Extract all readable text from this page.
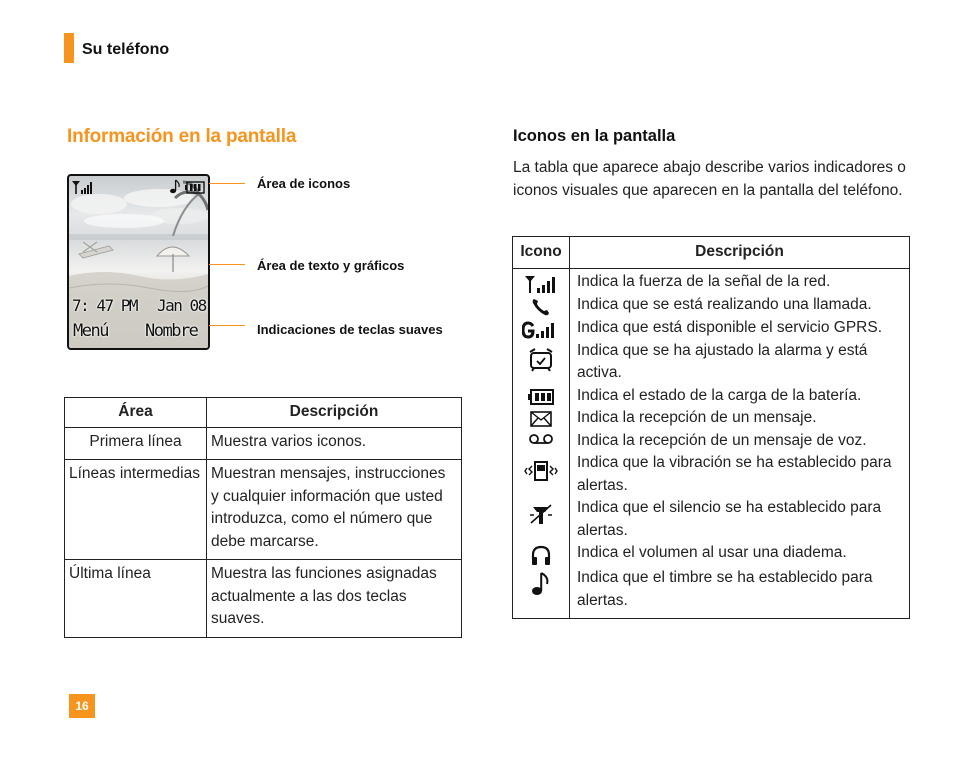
Su teléfono
Información en la pantalla
7: 47 PM Jan 08
Menú Nombre
Área de iconos
Área de texto y gráficos
Indicaciones de teclas suaves
Área	Descripción
Primera línea	Muestra varios iconos.
Líneas intermedias	Muestran mensajes, instrucciones y cualquier información que usted introduzca, como el número que debe marcarse.
Última línea	Muestra las funciones asignadas actualmente a las dos teclas suaves.
Iconos en la pantalla
La tabla que aparece abajo describe varios indicadores o iconos visuales que aparecen en la pantalla del teléfono.
Icono	Descripción

	Indica la fuerza de la señal de la red.

	Indica que se está realizando una llamada.

	Indica que está disponible el servicio GPRS.

	Indica que se ha ajustado la alarma y está activa.

	Indica el estado de la carga de la batería.

	Indica la recepción de un mensaje.

	Indica la recepción de un mensaje de voz.

	Indica que la vibración se ha establecido para alertas.

	Indica que el silencio se ha establecido para alertas.

	Indica el volumen al usar una diadema.

	Indica que el timbre se ha establecido para alertas.
16
